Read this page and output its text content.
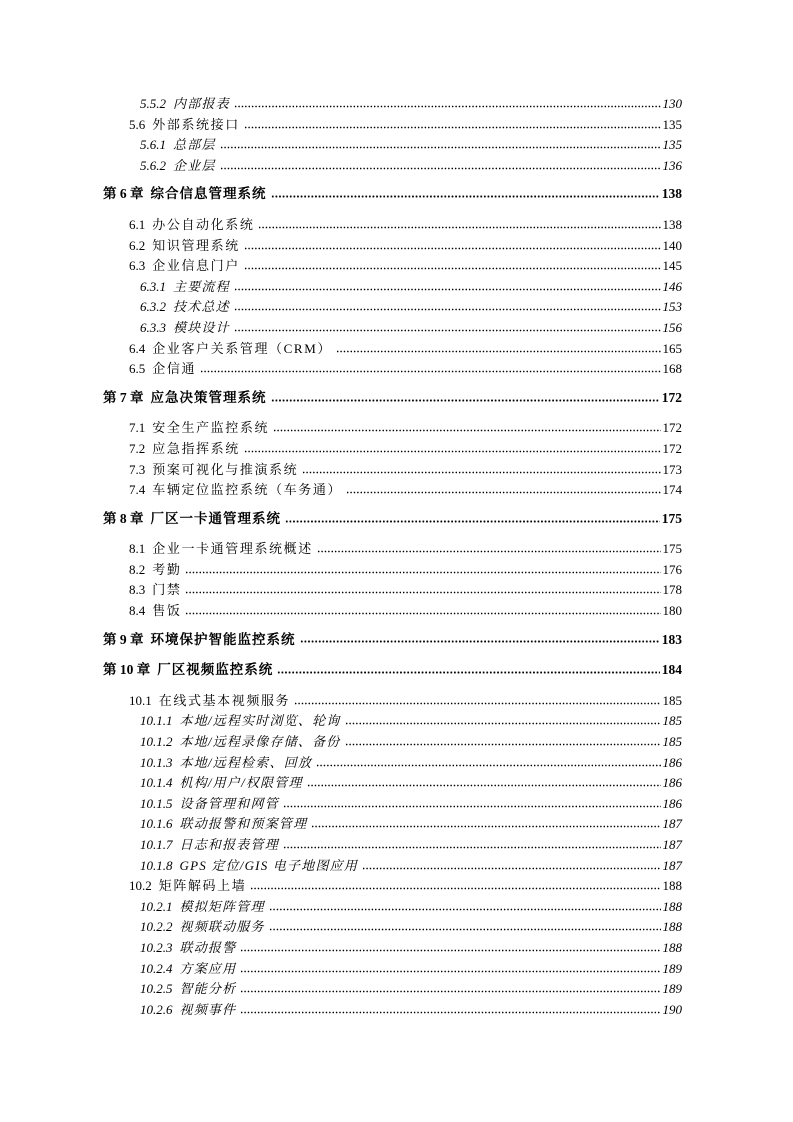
5.5.2 内部报表	130
5.6 外部系统接口	135
5.6.1 总部层	135
5.6.2 企业层	136
第 6 章 综合信息管理系统	138
6.1 办公自动化系统	138
6.2 知识管理系统	140
6.3 企业信息门户	145
6.3.1 主要流程	146
6.3.2 技术总述	153
6.3.3 模块设计	156
6.4 企业客户关系管理（CRM）	165
6.5 企信通	168
第 7 章 应急决策管理系统	172
7.1 安全生产监控系统	172
7.2 应急指挥系统	172
7.3 预案可视化与推演系统	173
7.4 车辆定位监控系统（车务通）	174
第 8 章 厂区一卡通管理系统	175
8.1 企业一卡通管理系统概述	175
8.2 考勤	176
8.3 门禁	178
8.4 售饭	180
第 9 章 环境保护智能监控系统	183
第 10 章 厂区视频监控系统	184
10.1 在线式基本视频服务	185
10.1.1 本地/远程实时浏览、轮询	185
10.1.2 本地/远程录像存储、备份	185
10.1.3 本地/远程检索、回放	186
10.1.4 机构/用户/权限管理	186
10.1.5 设备管理和网管	186
10.1.6 联动报警和预案管理	187
10.1.7 日志和报表管理	187
10.1.8 GPS 定位/GIS 电子地图应用	187
10.2 矩阵解码上墙	188
10.2.1 模拟矩阵管理	188
10.2.2 视频联动服务	188
10.2.3 联动报警	188
10.2.4 方案应用	189
10.2.5 智能分析	189
10.2.6 视频事件	190
